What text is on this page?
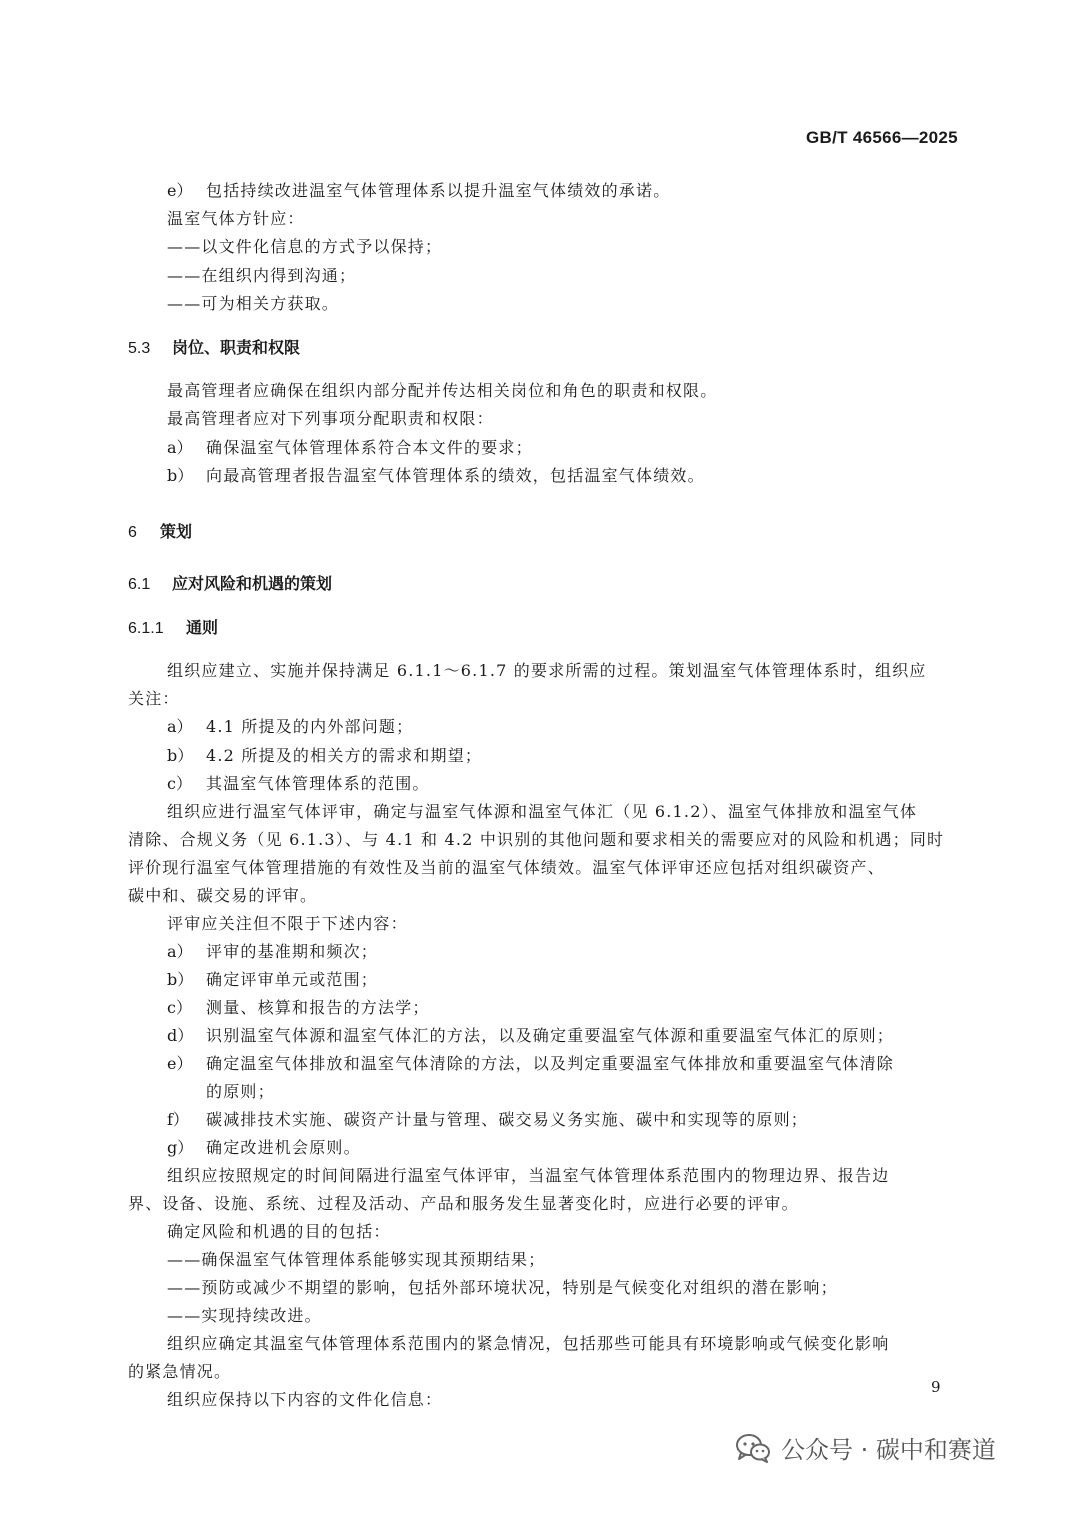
GB/T 46566—2025
e） 包括持续改进温室气体管理体系以提升温室气体绩效的承诺。
温室气体方针应：
——以文件化信息的方式予以保持；
——在组织内得到沟通；
——可为相关方获取。
5.3 岗位、职责和权限
最高管理者应确保在组织内部分配并传达相关岗位和角色的职责和权限。
最高管理者应对下列事项分配职责和权限：
a） 确保温室气体管理体系符合本文件的要求；
b） 向最高管理者报告温室气体管理体系的绩效，包括温室气体绩效。
6 策划
6.1 应对风险和机遇的策划
6.1.1 通则
组织应建立、实施并保持满足 6.1.1～6.1.7 的要求所需的过程。策划温室气体管理体系时，组织应
关注：
a） 4.1 所提及的内外部问题；
b） 4.2 所提及的相关方的需求和期望；
c） 其温室气体管理体系的范围。
组织应进行温室气体评审，确定与温室气体源和温室气体汇（见 6.1.2）、温室气体排放和温室气体
清除、合规义务（见 6.1.3）、与 4.1 和 4.2 中识别的其他问题和要求相关的需要应对的风险和机遇；同时
评价现行温室气体管理措施的有效性及当前的温室气体绩效。温室气体评审还应包括对组织碳资产、
碳中和、碳交易的评审。
评审应关注但不限于下述内容：
a） 评审的基准期和频次；
b） 确定评审单元或范围；
c） 测量、核算和报告的方法学；
d） 识别温室气体源和温室气体汇的方法，以及确定重要温室气体源和重要温室气体汇的原则；
e） 确定温室气体排放和温室气体清除的方法，以及判定重要温室气体排放和重要温室气体清除
的原则；
f） 碳减排技术实施、碳资产计量与管理、碳交易义务实施、碳中和实现等的原则；
g） 确定改进机会原则。
组织应按照规定的时间间隔进行温室气体评审，当温室气体管理体系范围内的物理边界、报告边
界、设备、设施、系统、过程及活动、产品和服务发生显著变化时，应进行必要的评审。
确定风险和机遇的目的包括：
——确保温室气体管理体系能够实现其预期结果；
——预防或减少不期望的影响，包括外部环境状况，特别是气候变化对组织的潜在影响；
——实现持续改进。
组织应确定其温室气体管理体系范围内的紧急情况，包括那些可能具有环境影响或气候变化影响
的紧急情况。
组织应保持以下内容的文件化信息：
9
公众号 · 碳中和赛道
